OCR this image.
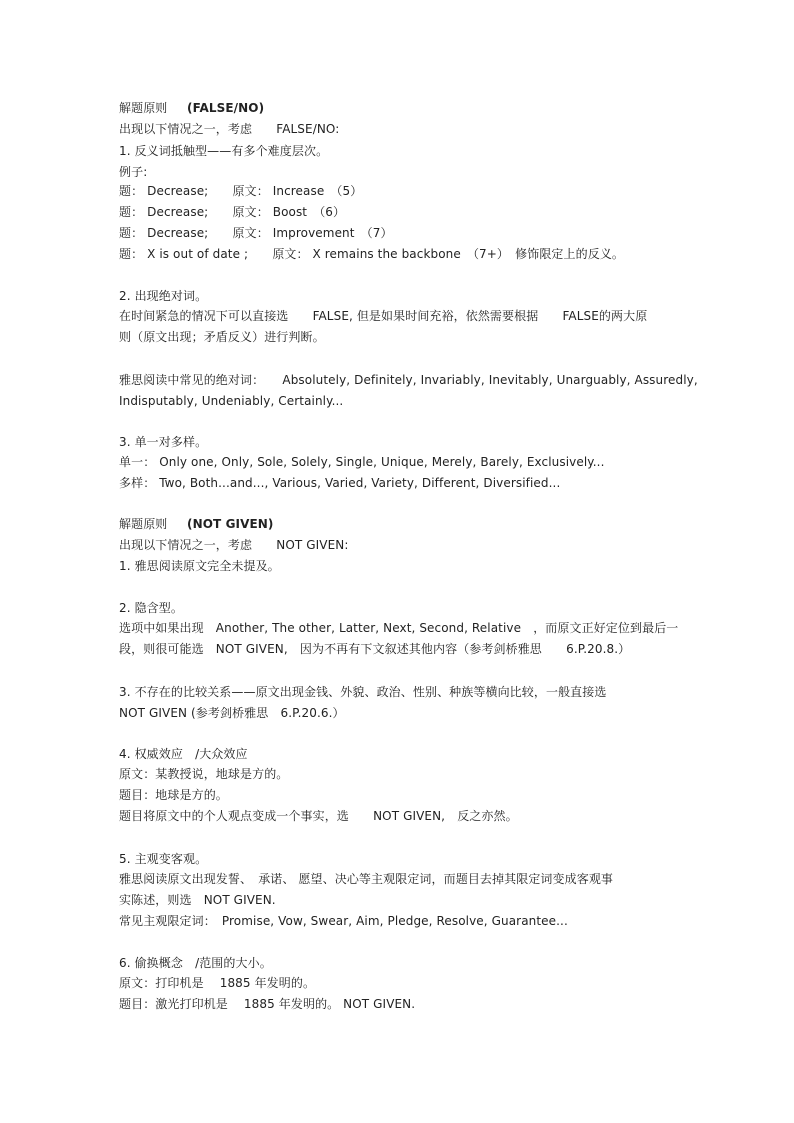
解题原则 (FALSE/NO)
出现以下情况之一，考虑　　FALSE/NO:
1. 反义词抵触型——有多个难度层次。
例子:
题： Decrease;　　原文： Increase　（5）
题： Decrease;　　原文： Boost　（6）
题： Decrease;　　原文： Improvement　（7）
题： X is out of date ;　　原文： X remains the backbone　（7+）　修饰限定上的反义。
2. 出现绝对词。
在时间紧急的情况下可以直接选　　FALSE, 但是如果时间充裕，依然需要根据　　FALSE的两大原
则（原文出现；矛盾反义）进行判断。
雅思阅读中常见的绝对词：　　Absolutely, Definitely, Invariably, Inevitably, Unarguably, Assuredly,
Indisputably, Undeniably, Certainly...
3. 单一对多样。
单一： Only one, Only, Sole, Solely, Single, Unique, Merely, Barely, Exclusively...
多样： Two, Both...and..., Various, Varied, Variety, Different, Diversified...
解题原则 (NOT GIVEN)
出现以下情况之一，考虑　　NOT GIVEN:
1. 雅思阅读原文完全未提及。
2. 隐含型。
选项中如果出现　Another, The other, Latter, Next, Second, Relative　，而原文正好定位到最后一
段，则很可能选　NOT GIVEN,　因为不再有下文叙述其他内容（参考剑桥雅思　　6.P.20.8.）
3. 不存在的比较关系——原文出现金钱、外貌、政治、性别、种族等横向比较，一般直接选
NOT GIVEN (参考剑桥雅思　6.P.20.6.）
4. 权威效应　/大众效应
原文：某教授说，地球是方的。
题目：地球是方的。
题目将原文中的个人观点变成一个事实，选　　NOT GIVEN,　反之亦然。
5. 主观变客观。
雅思阅读原文出现发誓、　承诺、 愿望、决心等主观限定词，而题目去掉其限定词变成客观事
实陈述，则选　NOT GIVEN.
常见主观限定词：　Promise, Vow, Swear, Aim, Pledge, Resolve, Guarantee...
6. 偷换概念　/范围的大小。
原文：打印机是　 1885 年发明的。
题目：激光打印机是　 1885 年发明的。 NOT GIVEN.
